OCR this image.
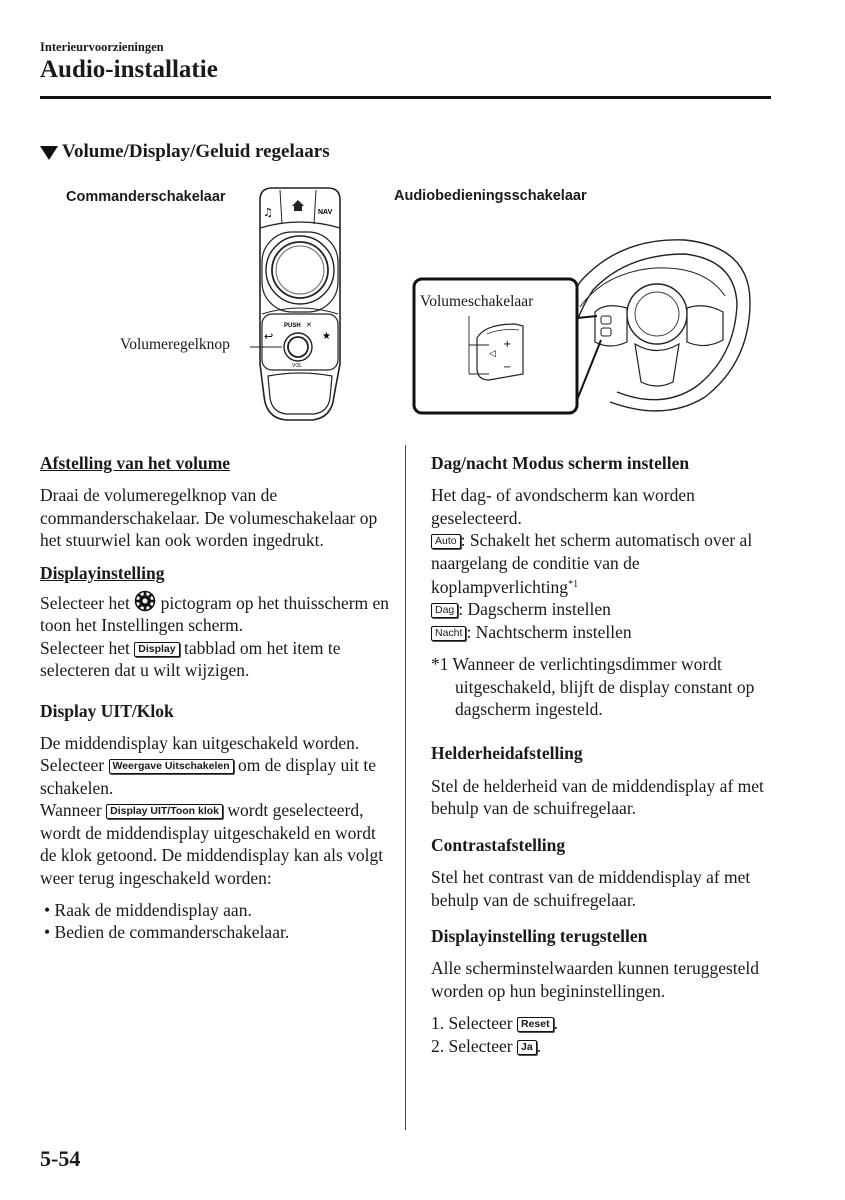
Interieurvoorzieningen
Audio-installatie
Volume/Display/Geluid regelaars
Commanderschakelaar	Audiobedieningsschakelaar
♫	NAV
↩	★
PUSH ✕
VOL
Volumeregelknop	+
◁
−
Volumeschakelaar
Afstelling van het volume

Draai de volumeregelknop van de commanderschakelaar. De volumeschakelaar op het stuurwiel kan ook worden ingedrukt.

Displayinstelling

Selecteer het pictogram op het thuisscherm en toon het Instellingen scherm.

Selecteer het Display tabblad om het item te selecteren dat u wilt wijzigen.

Display UIT/Klok

De middendisplay kan uitgeschakeld worden. Selecteer Weergave Uitschakelen om de display uit te schakelen.

Wanneer Display UIT/Toon klok wordt geselecteerd, wordt de middendisplay uitgeschakeld en wordt de klok getoond. De middendisplay kan als volgt weer terug ingeschakeld worden:

• Raak de middendisplay aan.
• Bedien de commanderschakelaar.
Dag/nacht Modus scherm instellen

Het dag- of avondscherm kan worden geselecteerd.

Auto : Schakelt het scherm automatisch over al naargelang de conditie van de koplampverlichting$^{*1}$

Dag : Dagscherm instellen

Nacht : Nachtscherm instellen

*1 Wanneer de verlichtingsdimmer wordt uitgeschakeld, blijft de display constant op dagscherm ingesteld.

Helderheidafstelling

Stel de helderheid van de middendisplay af met behulp van de schuifregelaar.

Contrastafstelling

Stel het contrast van de middendisplay af met behulp van de schuifregelaar.

Displayinstelling terugstellen

Alle scherminstelwaarden kunnen teruggesteld worden op hun begininstellingen.

1. Selecteer Reset .
2. Selecteer Ja .
5-54
